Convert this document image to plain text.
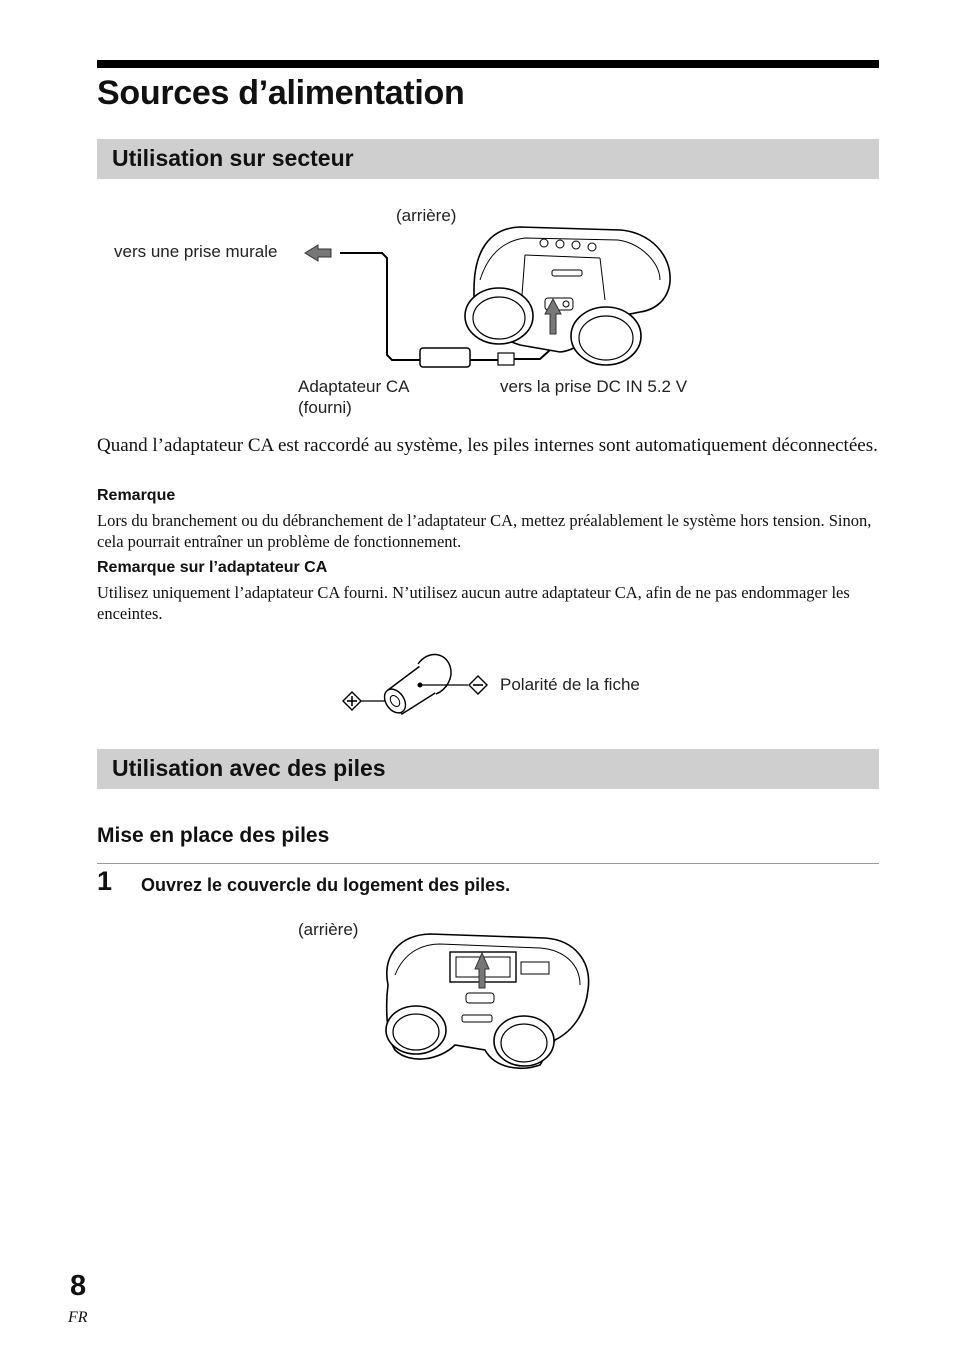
Sources d’alimentation
Utilisation sur secteur
(arrière)
vers une prise murale
Adaptateur CA
(fourni)
vers la prise DC IN 5.2 V
Quand l’adaptateur CA est raccordé au système, les piles internes sont automatiquement déconnectées.
Remarque
Lors du branchement ou du débranchement de l’adaptateur CA, mettez préalablement le système hors tension. Sinon, cela pourrait entraîner un problème de fonctionnement.
Remarque sur l’adaptateur CA
Utilisez uniquement l’adaptateur CA fourni. N’utilisez aucun autre adaptateur CA, afin de ne pas endommager les enceintes.
Polarité de la fiche
Utilisation avec des piles
Mise en place des piles
1 Ouvrez le couvercle du logement des piles.
(arrière)
8
FR
